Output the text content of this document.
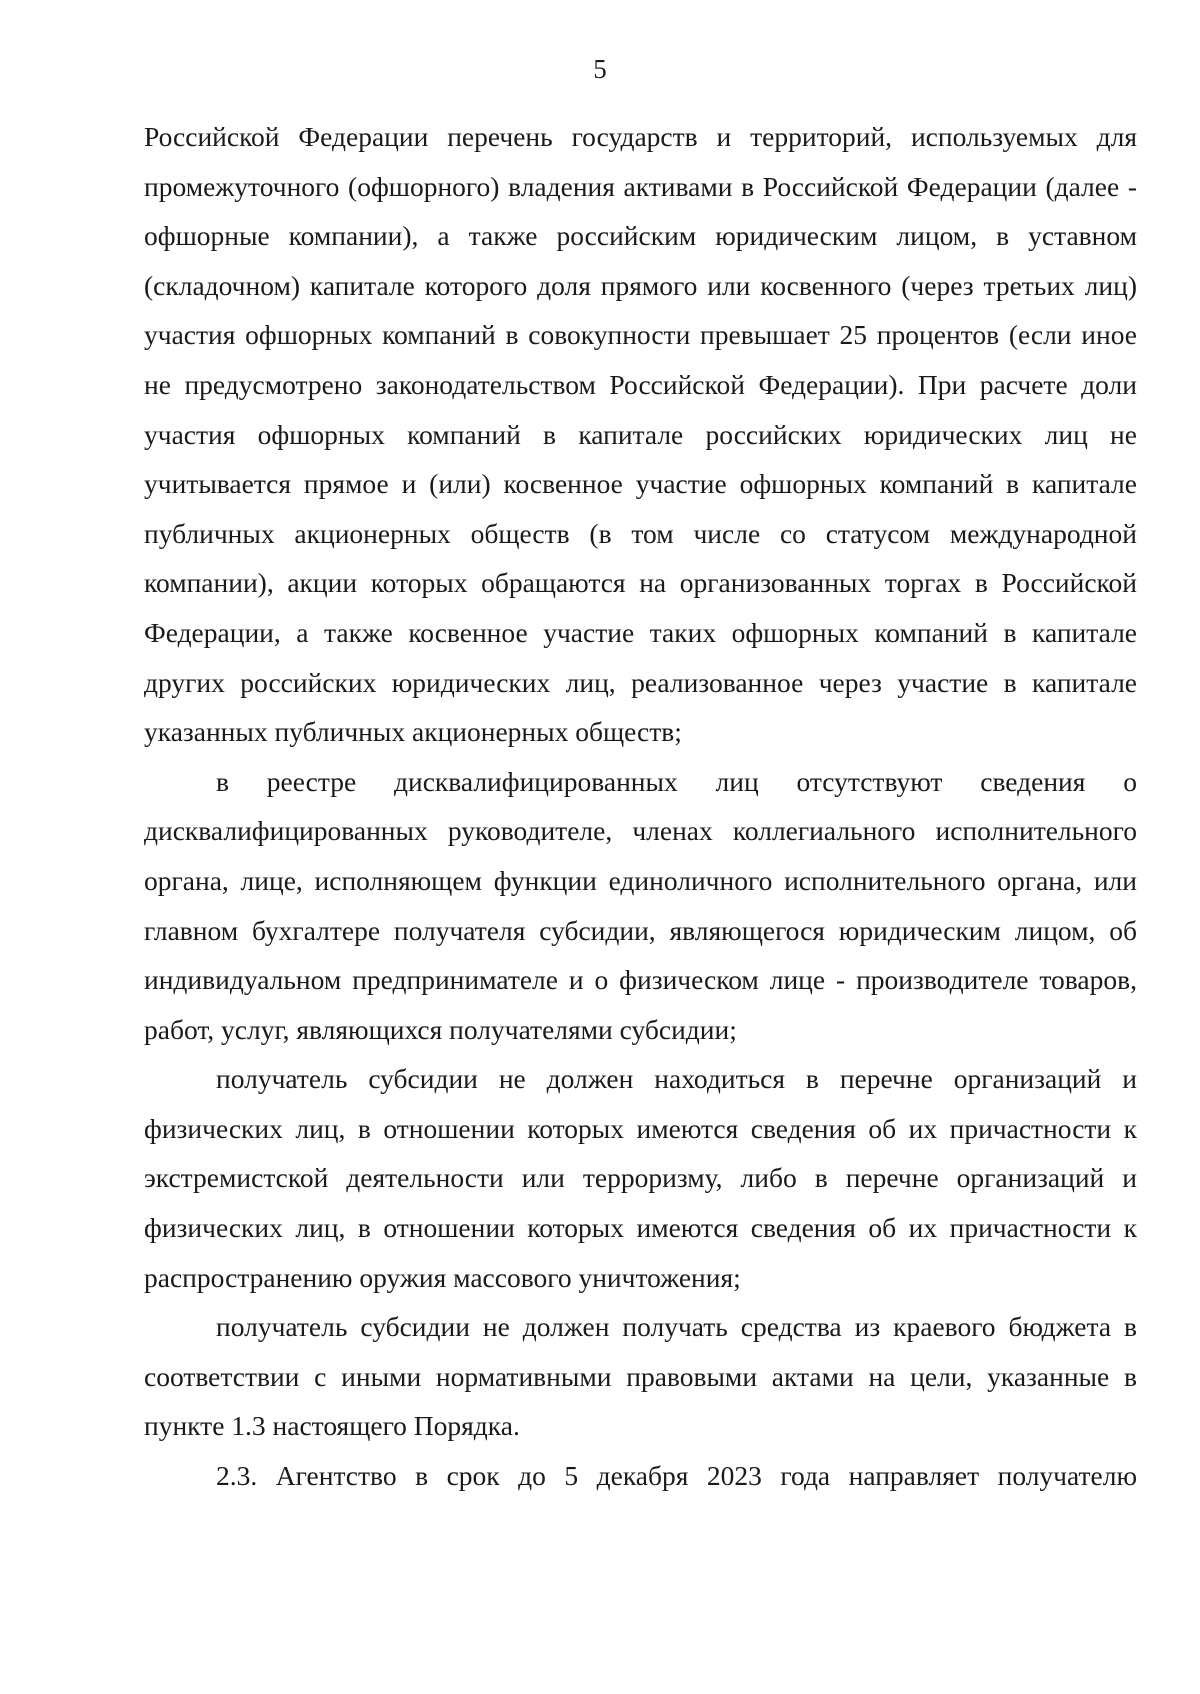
5

Российской Федерации перечень государств и территорий, используемых для промежуточного (офшорного) владения активами в Российской Федерации (далее - офшорные компании), а также российским юридическим лицом, в уставном (складочном) капитале которого доля прямого или косвенного (через третьих лиц) участия офшорных компаний в совокупности превышает 25 процентов (если иное не предусмотрено законодательством Российской Федерации). При расчете доли участия офшорных компаний в капитале российских юридических лиц не учитывается прямое и (или) косвенное участие офшорных компаний в капитале публичных акционерных обществ (в том числе со статусом международной компании), акции которых обращаются на организованных торгах в Российской Федерации, а также косвенное участие таких офшорных компаний в капитале других российских юридических лиц, реализованное через участие в капитале указанных публичных акционерных обществ;

в реестре дисквалифицированных лиц отсутствуют сведения о дисквалифицированных руководителе, членах коллегиального исполнительного органа, лице, исполняющем функции единоличного исполнительного органа, или главном бухгалтере получателя субсидии, являющегося юридическим лицом, об индивидуальном предпринимателе и о физическом лице - производителе товаров, работ, услуг, являющихся получателями субсидии;

получатель субсидии не должен находиться в перечне организаций и физических лиц, в отношении которых имеются сведения об их причастности к экстремистской деятельности или терроризму, либо в перечне организаций и физических лиц, в отношении которых имеются сведения об их причастности к распространению оружия массового уничтожения;

получатель субсидии не должен получать средства из краевого бюджета в соответствии с иными нормативными правовыми актами на цели, указанные в пункте 1.3 настоящего Порядка.

2.3. Агентство в срок до 5 декабря 2023 года направляет получателю
